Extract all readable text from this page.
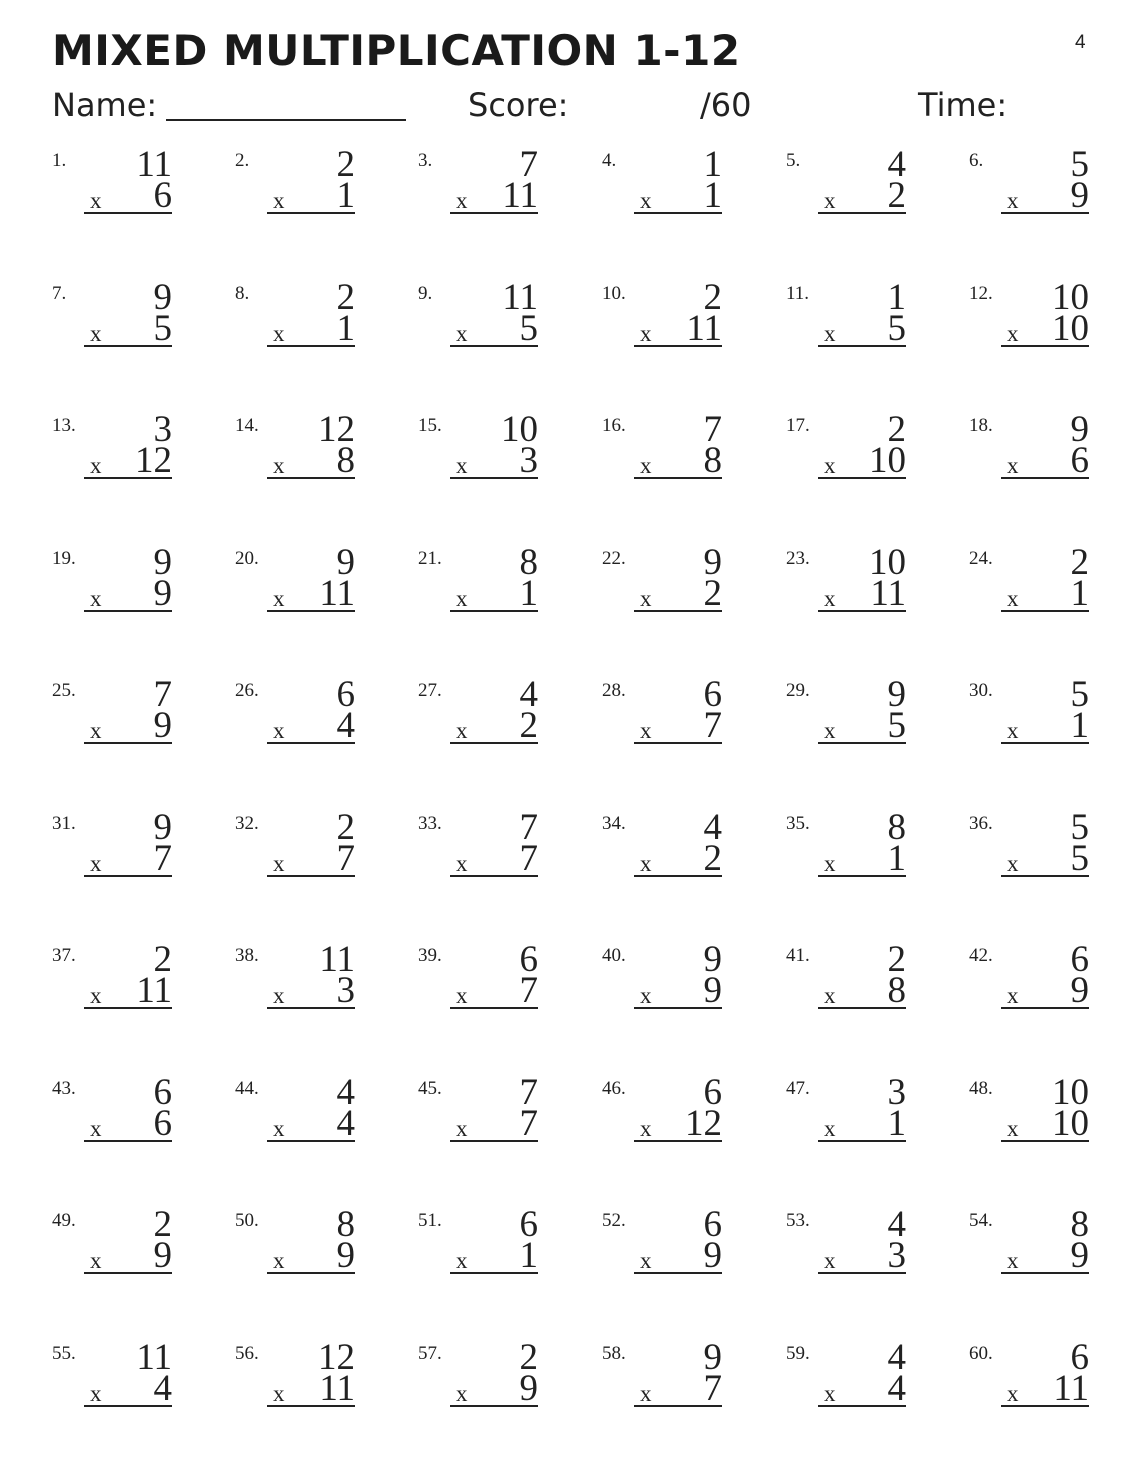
MIXED MULTIPLICATION 1-12	4
Name:	Score:	/60	Time:
1. 11
x 6
2. 2
x 1
3. 7
x 11
4. 1
x 1
5. 4
x 2
6. 5
x 9
7. 9
x 5
8. 2
x 1
9. 11
x 5
10. 2
x 11
11. 1
x 5
12. 10
x 10
13. 3
x 12
14. 12
x 8
15. 10
x 3
16. 7
x 8
17. 2
x 10
18. 9
x 6
19. 9
x 9
20. 9
x 11
21. 8
x 1
22. 9
x 2
23. 10
x 11
24. 2
x 1
25. 7
x 9
26. 6
x 4
27. 4
x 2
28. 6
x 7
29. 9
x 5
30. 5
x 1
31. 9
x 7
32. 2
x 7
33. 7
x 7
34. 4
x 2
35. 8
x 1
36. 5
x 5
37. 2
x 11
38. 11
x 3
39. 6
x 7
40. 9
x 9
41. 2
x 8
42. 6
x 9
43. 6
x 6
44. 4
x 4
45. 7
x 7
46. 6
x 12
47. 3
x 1
48. 10
x 10
49. 2
x 9
50. 8
x 9
51. 6
x 1
52. 6
x 9
53. 4
x 3
54. 8
x 9
55. 11
x 4
56. 12
x 11
57. 2
x 9
58. 9
x 7
59. 4
x 4
60. 6
x 11
